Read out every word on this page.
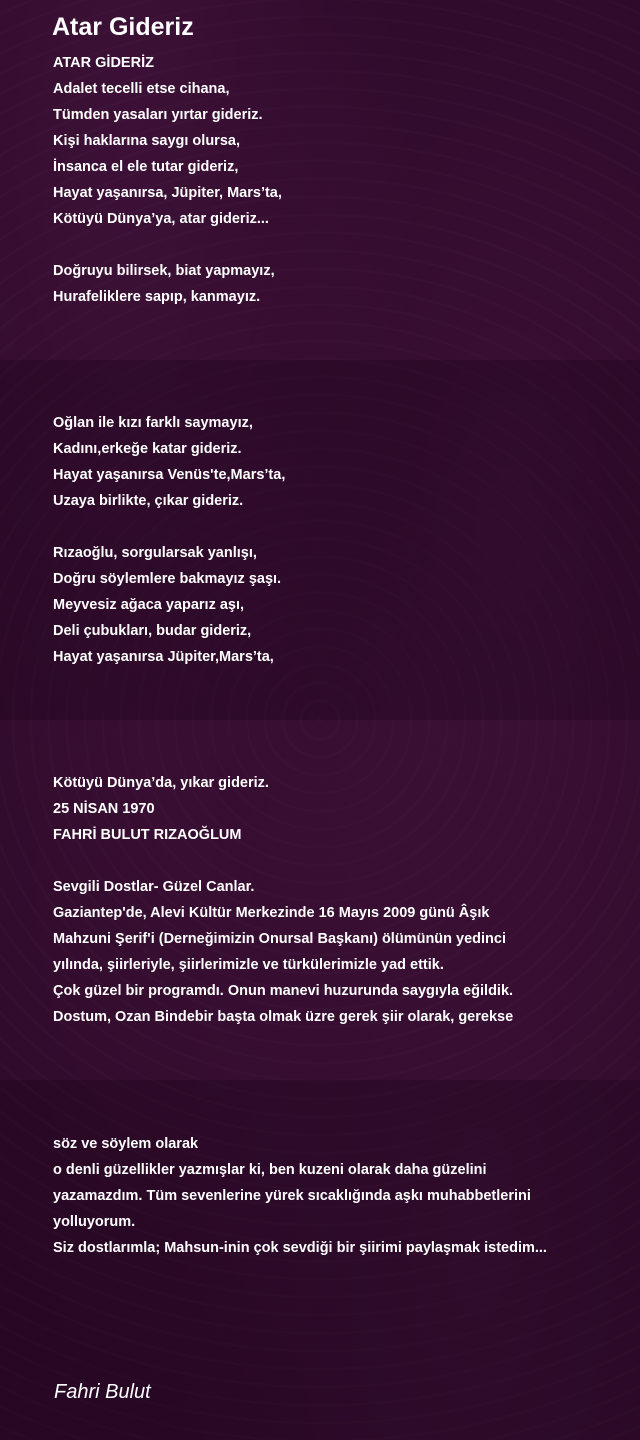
Atar Gideriz
ATAR GİDERİZ
Adalet tecelli etse cihana,
Tümden yasaları yırtar gideriz.
Kişi haklarına saygı olursa,
İnsanca el ele tutar gideriz,
Hayat yaşanırsa, Jüpiter, Mars’ta,
Kötüyü Dünya’ya, atar gideriz...
Doğruyu bilirsek, biat yapmayız,
Hurafeliklere sapıp, kanmayız.
Oğlan ile kızı farklı saymayız,
Kadını,erkeğe katar gideriz.
Hayat yaşanırsa Venüs'te,Mars’ta,
Uzaya birlikte, çıkar gideriz.
Rızaoğlu, sorgularsak yanlışı,
Doğru söylemlere bakmayız şaşı.
Meyvesiz ağaca yaparız aşı,
Deli çubukları, budar gideriz,
Hayat yaşanırsa Jüpiter,Mars’ta,
Kötüyü Dünya’da, yıkar gideriz.
25 NİSAN 1970
FAHRİ BULUT RIZAOĞLUM
Sevgili Dostlar- Güzel Canlar.
Gaziantep'de, Alevi Kültür Merkezinde 16 Mayıs 2009 günü Âşık
Mahzuni Şerif'i (Derneğimizin Onursal Başkanı) ölümünün yedinci
yılında, şiirleriyle, şiirlerimizle ve türkülerimizle yad ettik.
Çok güzel bir programdı. Onun manevi huzurunda saygıyla eğildik.
Dostum, Ozan Bindebir başta olmak üzre gerek şiir olarak, gerekse
söz ve söylem olarak
o denli güzellikler yazmışlar ki, ben kuzeni olarak daha güzelini
yazamazdım. Tüm sevenlerine yürek sıcaklığında aşkı muhabbetlerini
yolluyorum.
Siz dostlarımla; Mahsun-inin çok sevdiği bir şiirimi paylaşmak istedim...
Fahri Bulut
